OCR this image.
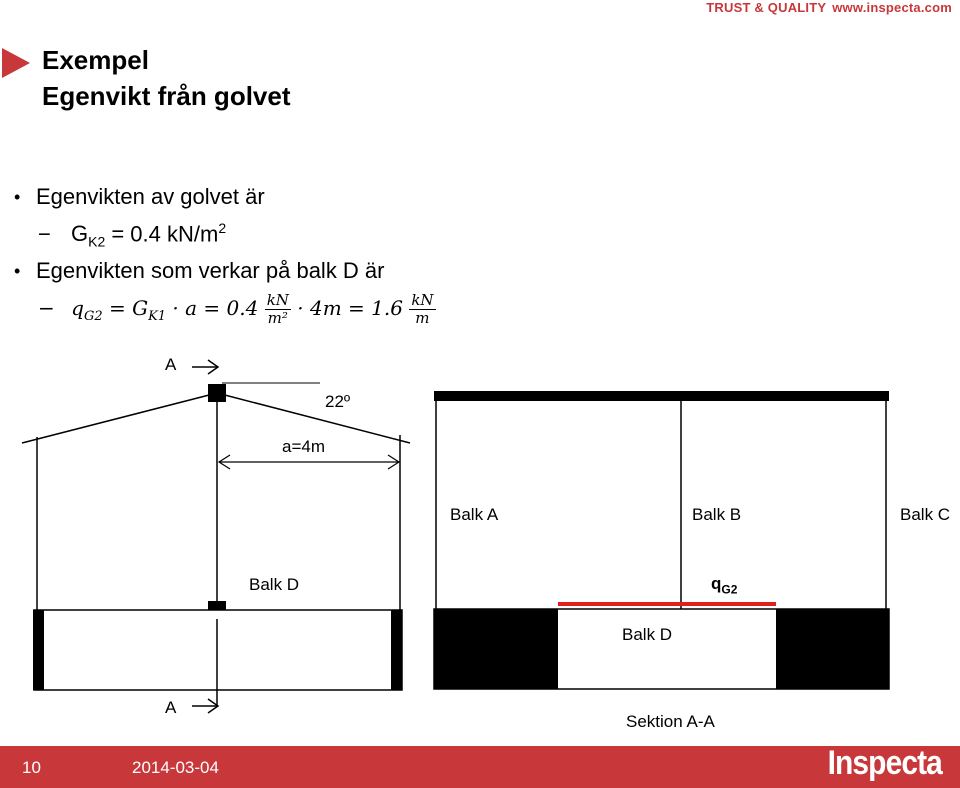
TRUST & QUALITY www.inspecta.com
Exempel
Egenvikt från golvet
• Egenvikten av golvet är
− $G_{K2} = 0.4$ $kN/m^2$
• Egenvikten som verkar på balk D är
− $q_{G2} = G_{K1} \cdot a = 0.4 \frac{kN}{\text{m²}} \cdot 4m = 1.6 \frac{kN}{m}$
A
22º
a=4m
Balk A	Balk B	Balk C
Balk D	$q_{G2}$
Balk D
A
Sektion A-A
10	2014-03-04	Inspecta
